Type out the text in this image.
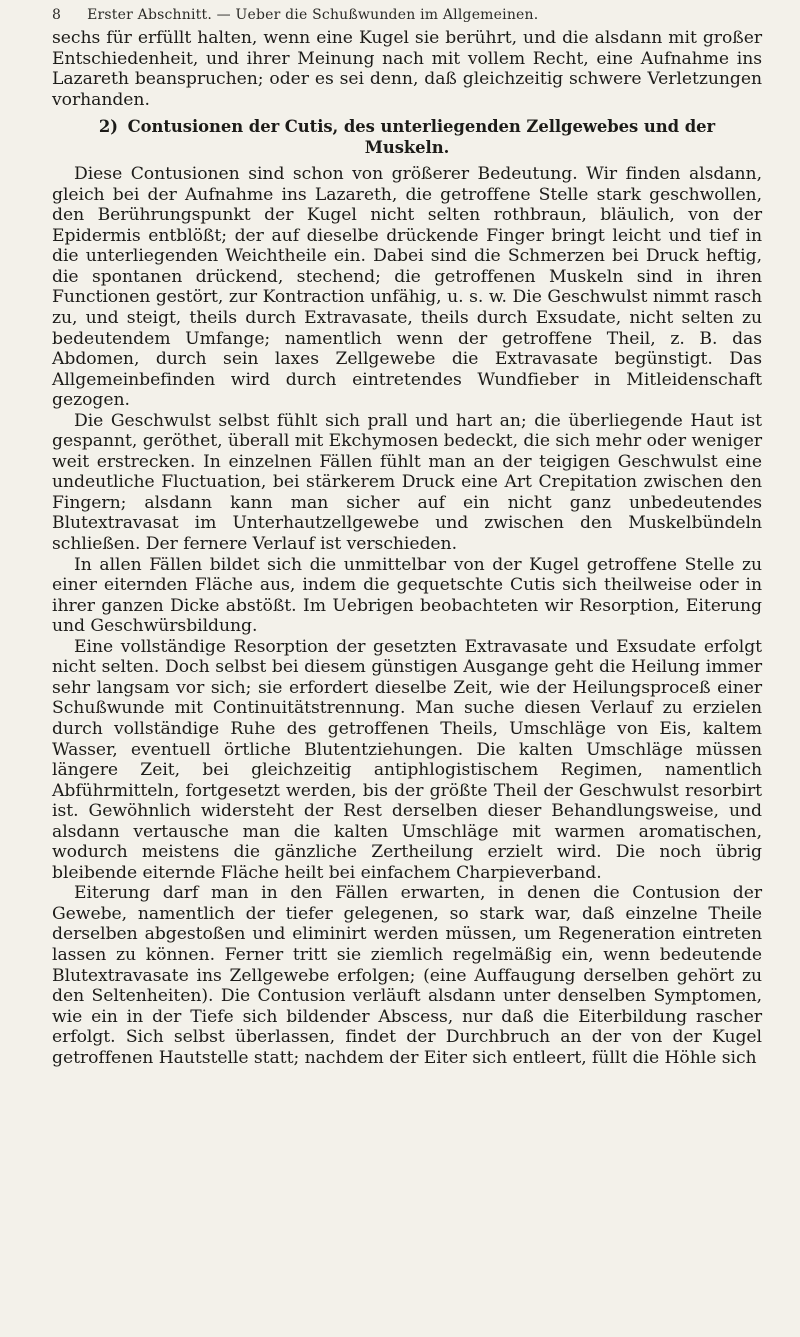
8 Erster Abschnitt. — Ueber die Schußwunden im Allgemeinen.

sechs für erfüllt halten, wenn eine Kugel sie berührt, und die alsdann mit großer Entschiedenheit, und ihrer Meinung nach mit vollem Recht, eine Aufnahme ins Lazareth beanspruchen; oder es sei denn, daß gleichzeitig schwere Verletzungen vorhanden.

2) Contusionen der Cutis, des unterliegenden Zellgewebes und der Muskeln.

Diese Contusionen sind schon von größerer Bedeutung. Wir finden alsdann, gleich bei der Aufnahme ins Lazareth, die getroffene Stelle stark geschwollen, den Berührungspunkt der Kugel nicht selten rothbraun, bläulich, von der Epidermis entblößt; der auf dieselbe drückende Finger bringt leicht und tief in die unterliegenden Weichtheile ein. Dabei sind die Schmerzen bei Druck heftig, die spontanen drückend, stechend; die getroffenen Muskeln sind in ihren Functionen gestört, zur Kontraction unfähig, u. s. w. Die Geschwulst nimmt rasch zu, und steigt, theils durch Extravasate, theils durch Exsudate, nicht selten zu bedeutendem Umfange; namentlich wenn der getroffene Theil, z. B. das Abdomen, durch sein laxes Zellgewebe die Extravasate begünstigt. Das Allgemeinbefinden wird durch eintretendes Wundfieber in Mitleidenschaft gezogen.

Die Geschwulst selbst fühlt sich prall und hart an; die überliegende Haut ist gespannt, geröthet, überall mit Ekchymosen bedeckt, die sich mehr oder weniger weit erstrecken. In einzelnen Fällen fühlt man an der teigigen Geschwulst eine undeutliche Fluctuation, bei stärkerem Druck eine Art Crepitation zwischen den Fingern; alsdann kann man sicher auf ein nicht ganz unbedeutendes Blutextravasat im Unterhautzellgewebe und zwischen den Muskelbündeln schließen. Der fernere Verlauf ist verschieden.

In allen Fällen bildet sich die unmittelbar von der Kugel getroffene Stelle zu einer eiternden Fläche aus, indem die gequetschte Cutis sich theilweise oder in ihrer ganzen Dicke abstößt. Im Uebrigen beobachteten wir Resorption, Eiterung und Geschwürsbildung.

Eine vollständige Resorption der gesetzten Extravasate und Exsudate erfolgt nicht selten. Doch selbst bei diesem günstigen Ausgange geht die Heilung immer sehr langsam vor sich; sie erfordert dieselbe Zeit, wie der Heilungsproceß einer Schußwunde mit Continuitätstrennung. Man suche diesen Verlauf zu erzielen durch vollständige Ruhe des getroffenen Theils, Umschläge von Eis, kaltem Wasser, eventuell örtliche Blutentziehungen. Die kalten Umschläge müssen längere Zeit, bei gleichzeitig antiphlogistischem Regimen, namentlich Abführmitteln, fortgesetzt werden, bis der größte Theil der Geschwulst resorbirt ist. Gewöhnlich widersteht der Rest derselben dieser Behandlungsweise, und alsdann vertausche man die kalten Umschläge mit warmen aromatischen, wodurch meistens die gänzliche Zertheilung erzielt wird. Die noch übrig bleibende eiternde Fläche heilt bei einfachem Charpieverband.

Eiterung darf man in den Fällen erwarten, in denen die Contusion der Gewebe, namentlich der tiefer gelegenen, so stark war, daß einzelne Theile derselben abgestoßen und eliminirt werden müssen, um Regeneration eintreten lassen zu können. Ferner tritt sie ziemlich regelmäßig ein, wenn bedeutende Blutextravasate ins Zellgewebe erfolgen; (eine Auffaugung derselben gehört zu den Seltenheiten). Die Contusion verläuft alsdann unter denselben Symptomen, wie ein in der Tiefe sich bildender Abscess, nur daß die Eiterbildung rascher erfolgt. Sich selbst überlassen, findet der Durchbruch an der von der Kugel getroffenen Hautstelle statt; nachdem der Eiter sich entleert, füllt die Höhle sich
